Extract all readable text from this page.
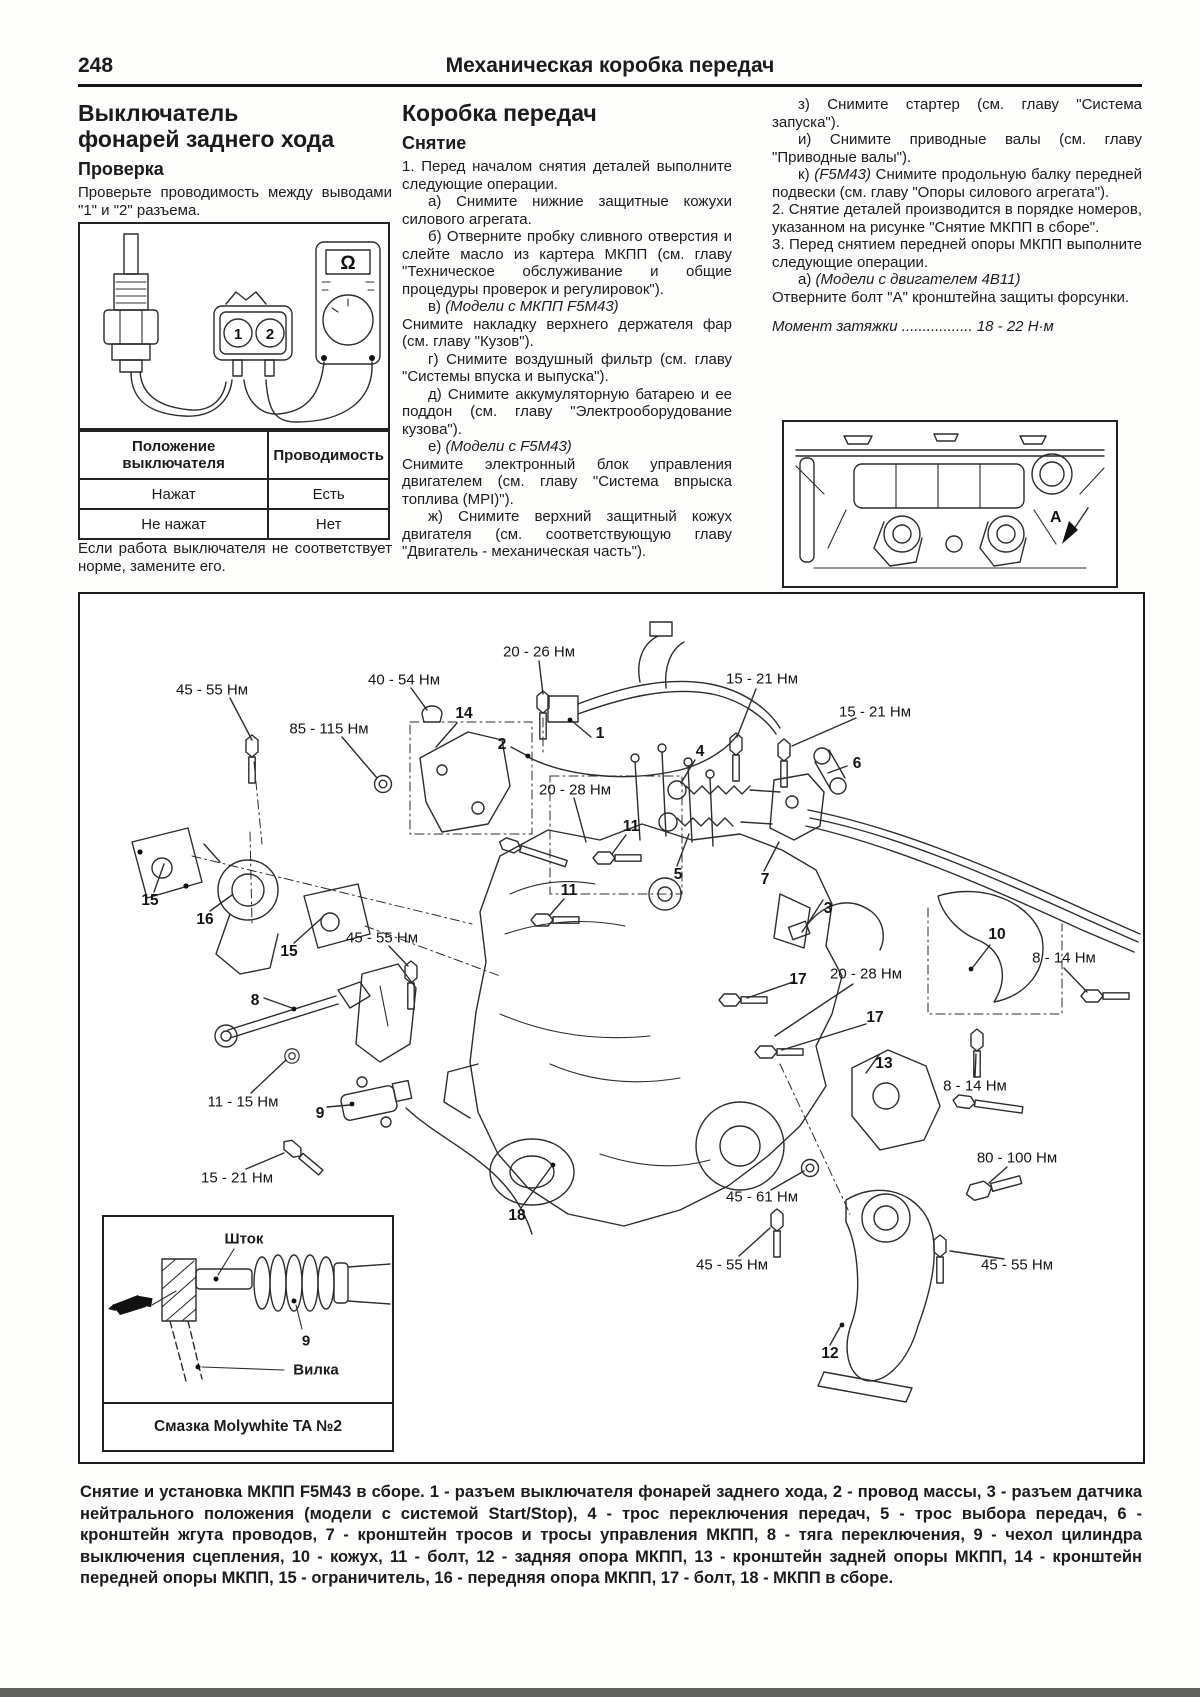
Механическая коробка передач
248
Выключатель
фонарей заднего хода
Проверка

Проверьте проводимость между выводами "1" и "2" разъема.

1 2
Ω
Положение выключателя	Проводимость
Нажат	Есть
Не нажат	Нет

Если работа выключателя не соответствует норме, замените его.

Коробка передач
Снятие

1. Перед началом снятия деталей выполните следующие операции.

а) Снимите нижние защитные кожухи силового агрегата.

б) Отверните пробку сливного отверстия и слейте масло из картера МКПП (см. главу "Техническое обслуживание и общие процедуры проверок и регулировок").

в) (Модели с МКПП F5M43)

Снимите накладку верхнего держателя фар (см. главу "Кузов").

г) Снимите воздушный фильтр (см. главу "Системы впуска и выпуска").

д) Снимите аккумуляторную батарею и ее поддон (см. главу "Электрооборудование кузова").

е) (Модели с F5M43)

Снимите электронный блок управления двигателем (см. главу "Система впрыска топлива (MPI)").

ж) Снимите верхний защитный кожух двигателя (см. соответствующую главу "Двигатель - механическая часть").

з) Снимите стартер (см. главу "Система запуска").

и) Снимите приводные валы (см. главу "Приводные валы").

к) (F5M43) Снимите продольную балку передней подвески (см. главу "Опоры силового агрегата").

2. Снятие деталей производится в порядке номеров, указанном на рисунке "Снятие МКПП в сборе".

3. Перед снятием передней опоры МКПП выполните следующие операции.

а) (Модели с двигателем 4B11)

Отверните болт "А" кронштейна защиты форсунки.

Момент затяжки ................. 18 - 22 Н·м

A
45 - 55 Нм
85 - 115 Нм
40 - 54 Нм
20 - 26 Нм
15 - 21 Нм
15 - 21 Нм
20 - 28 Нм
45 - 55 Нм
11 - 15 Нм
15 - 21 Нм
20 - 28 Нм
8 - 14 Нм
8 - 14 Нм
80 - 100 Нм
45 - 61 Нм
45 - 55 Нм	45 - 55 Нм
14
1
2	4
6
11
11
5	7
3
15
16
15
8
9
17
17
10
13
12
18
Шток
9
Вилка
Смазка Molywhite TA №2
Снятие и установка МКПП F5M43 в сборе. 1 - разъем выключателя фонарей заднего хода, 2 - провод массы, 3 - разъем датчика нейтрального положения (модели с системой Start/Stop), 4 - трос переключения передач, 5 - трос выбора передач, 6 - кронштейн жгута проводов, 7 - кронштейн тросов и тросы управления МКПП, 8 - тяга переключения, 9 - чехол цилиндра выключения сцепления, 10 - кожух, 11 - болт, 12 - задняя опора МКПП, 13 - кронштейн задней опоры МКПП, 14 - кронштейн передней опоры МКПП, 15 - ограничитель, 16 - передняя опора МКПП, 17 - болт, 18 - МКПП в сборе.
